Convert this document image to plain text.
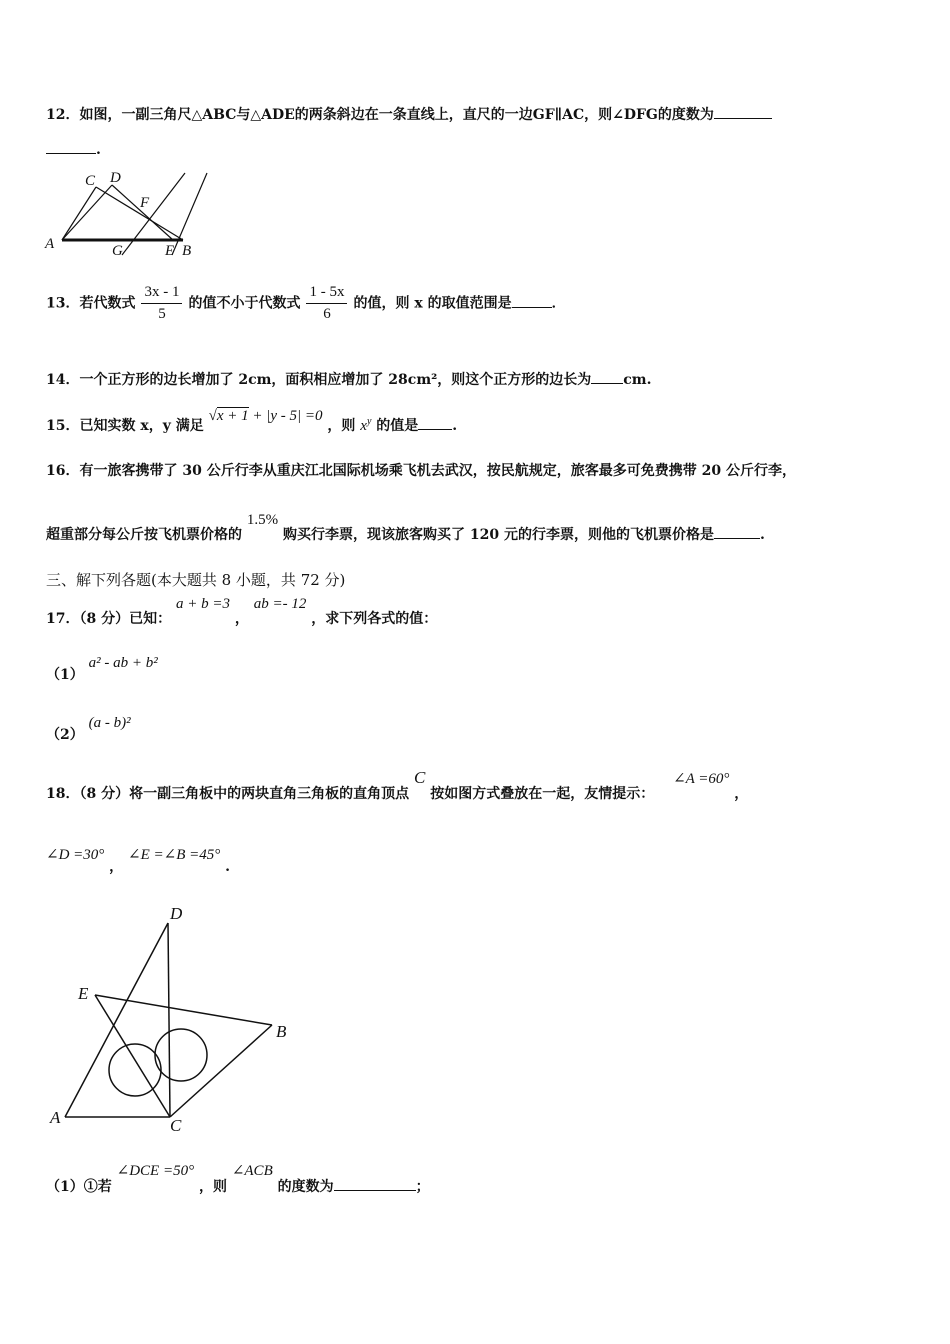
12．如图，一副三角尺△ABC与△ADE的两条斜边在一条直线上，直尺的一边GF∥AC，则∠DFG的度数为
.
C D
F
A	G	E B
13．若代数式 $\frac{3x - 1}{5}$ 的值不小于代数式 $\frac{1 - 5x}{6}$ 的值，则 x 的取值范围是	．
14．一个正方形的边长增加了 2cm，面积相应增加了 28cm²，则这个正方形的边长为 cm.
15．已知实数 x，y 满足 √x + 1 + |y - 5| =0 ，则 $x^y$ 的值是 .
16．有一旅客携带了 30 公斤行李从重庆江北国际机场乘飞机去武汉，按民航规定，旅客最多可免费携带 20 公斤行李，
超重部分每公斤按飞机票价格的 1.5% 购买行李票，现该旅客购买了 120 元的行李票，则他的飞机票价格是	.
三、解下列各题(本大题共 8 小题，共 72 分)
17．（8 分）已知： a + b =3 ， ab =- 12 ，求下列各式的值：
（1） a² - ab + b²
（2） (a - b)²
18．（8 分）将一副三角板中的两块直角三角板的直角顶点 C 按如图方式叠放在一起，友情提示： ∠A =60° ，
∠D =30° ， ∠E =∠B =45° .
D
E
B
A	C
（1）①若 ∠DCE =50° ，则 ∠ACB 的度数为	；
